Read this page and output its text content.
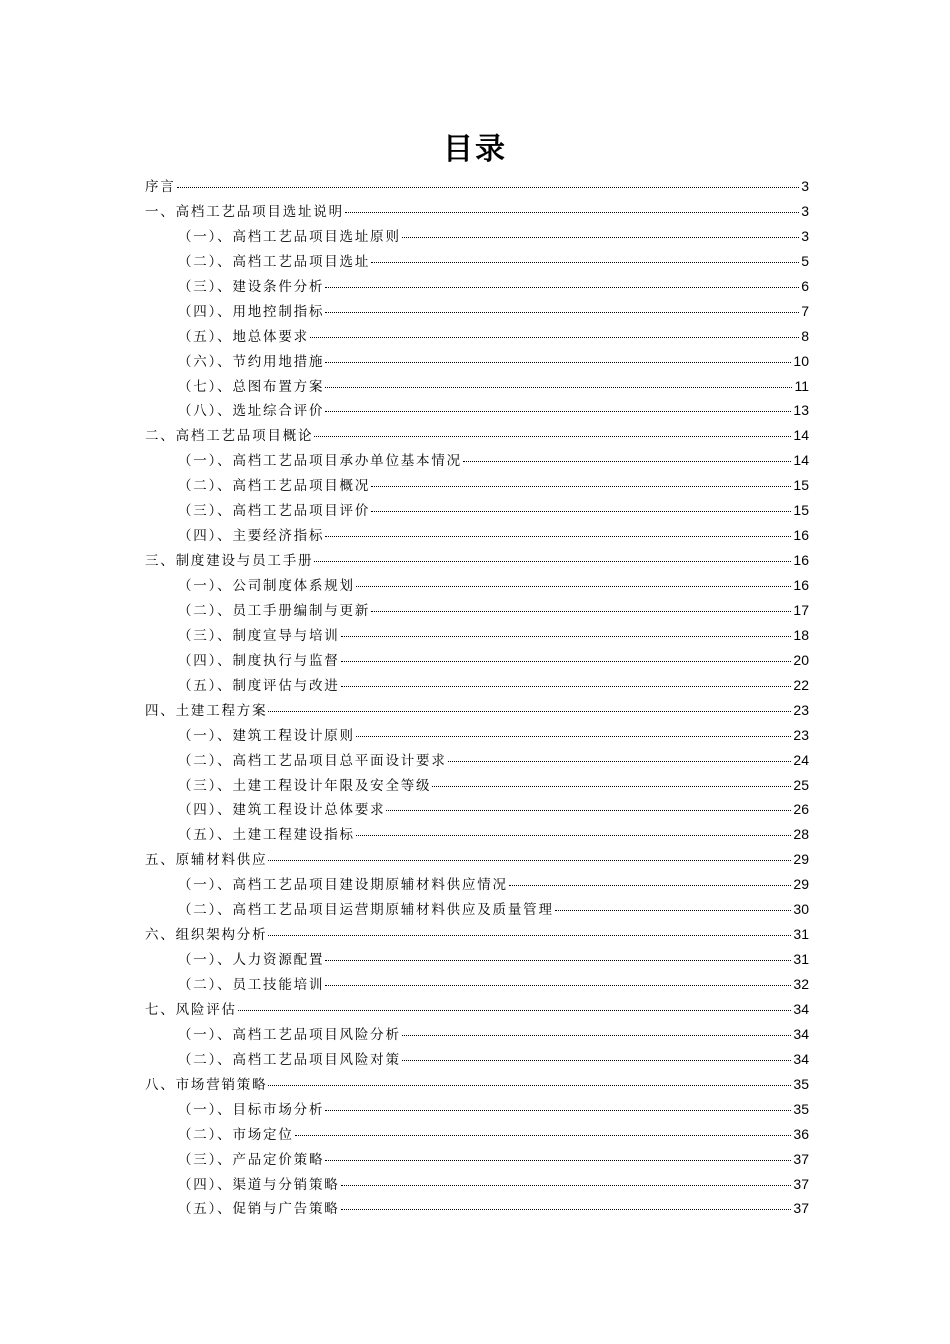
目录
序言	3
一、高档工艺品项目选址说明	3
（一）、高档工艺品项目选址原则	3
（二）、高档工艺品项目选址	5
（三）、建设条件分析	6
（四）、用地控制指标	7
（五）、地总体要求	8
（六）、节约用地措施	10
（七）、总图布置方案	11
（八）、选址综合评价	13
二、高档工艺品项目概论	14
（一）、高档工艺品项目承办单位基本情况	14
（二）、高档工艺品项目概况	15
（三）、高档工艺品项目评价	15
（四）、主要经济指标	16
三、制度建设与员工手册	16
（一）、公司制度体系规划	16
（二）、员工手册编制与更新	17
（三）、制度宣导与培训	18
（四）、制度执行与监督	20
（五）、制度评估与改进	22
四、土建工程方案	23
（一）、建筑工程设计原则	23
（二）、高档工艺品项目总平面设计要求	24
（三）、土建工程设计年限及安全等级	25
（四）、建筑工程设计总体要求	26
（五）、土建工程建设指标	28
五、原辅材料供应	29
（一）、高档工艺品项目建设期原辅材料供应情况	29
（二）、高档工艺品项目运营期原辅材料供应及质量管理	30
六、组织架构分析	31
（一）、人力资源配置	31
（二）、员工技能培训	32
七、风险评估	34
（一）、高档工艺品项目风险分析	34
（二）、高档工艺品项目风险对策	34
八、市场营销策略	35
（一）、目标市场分析	35
（二）、市场定位	36
（三）、产品定价策略	37
（四）、渠道与分销策略	37
（五）、促销与广告策略	37
